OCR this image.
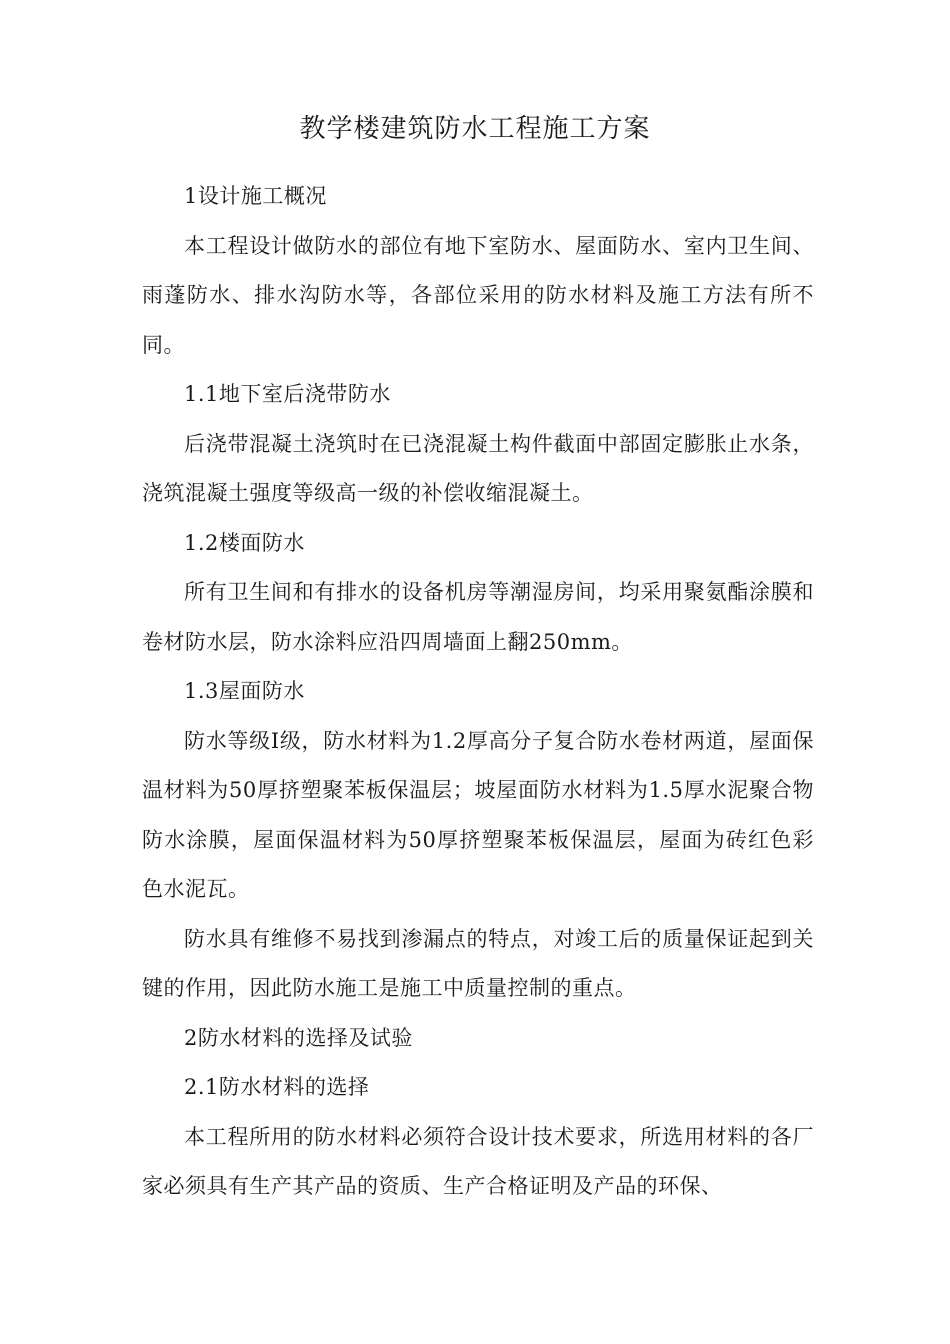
教学楼建筑防水工程施工方案

1设计施工概况

本工程设计做防水的部位有地下室防水、屋面防水、室内卫生间、雨蓬防水、排水沟防水等，各部位采用的防水材料及施工方法有所不同。

1.1地下室后浇带防水

后浇带混凝土浇筑时在已浇混凝土构件截面中部固定膨胀止水条，浇筑混凝土强度等级高一级的补偿收缩混凝土。

1.2楼面防水

所有卫生间和有排水的设备机房等潮湿房间，均采用聚氨酯涂膜和卷材防水层，防水涂料应沿四周墙面上翻250mm。

1.3屋面防水

防水等级Ⅰ级，防水材料为1.2厚高分子复合防水卷材两道，屋面保温材料为50厚挤塑聚苯板保温层；坡屋面防水材料为1.5厚水泥聚合物防水涂膜，屋面保温材料为50厚挤塑聚苯板保温层，屋面为砖红色彩色水泥瓦。

防水具有维修不易找到渗漏点的特点，对竣工后的质量保证起到关键的作用，因此防水施工是施工中质量控制的重点。

2防水材料的选择及试验

2.1防水材料的选择

本工程所用的防水材料必须符合设计技术要求，所选用材料的各厂家必须具有生产其产品的资质、生产合格证明及产品的环保、
